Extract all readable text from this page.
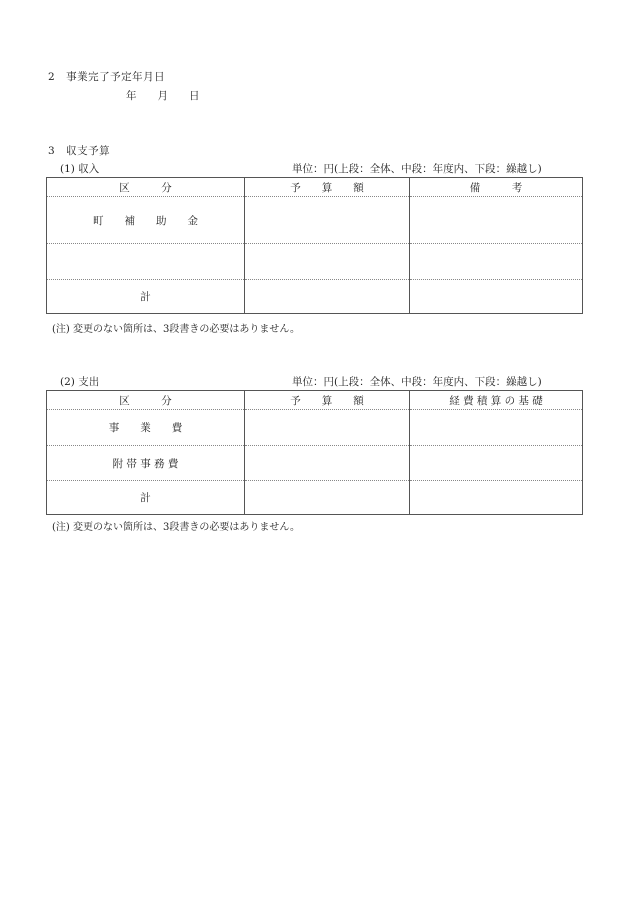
2　事業完了予定年月日
年　　月　　日
3　収支予算
(1) 収入	単位：円(上段：全体、中段：年度内、下段：繰越し)
区　　　分	予　　算　　額	備　　　考
町　　補　　助　　金		

計		
(注) 変更のない箇所は、3段書きの必要はありません。
(2) 支出	単位：円(上段：全体、中段：年度内、下段：繰越し)
区　　　分	予　　算　　額	経 費 積 算 の 基 礎
事　　業　　費		
附 帯 事 務 費		
計		
(注) 変更のない箇所は、3段書きの必要はありません。
